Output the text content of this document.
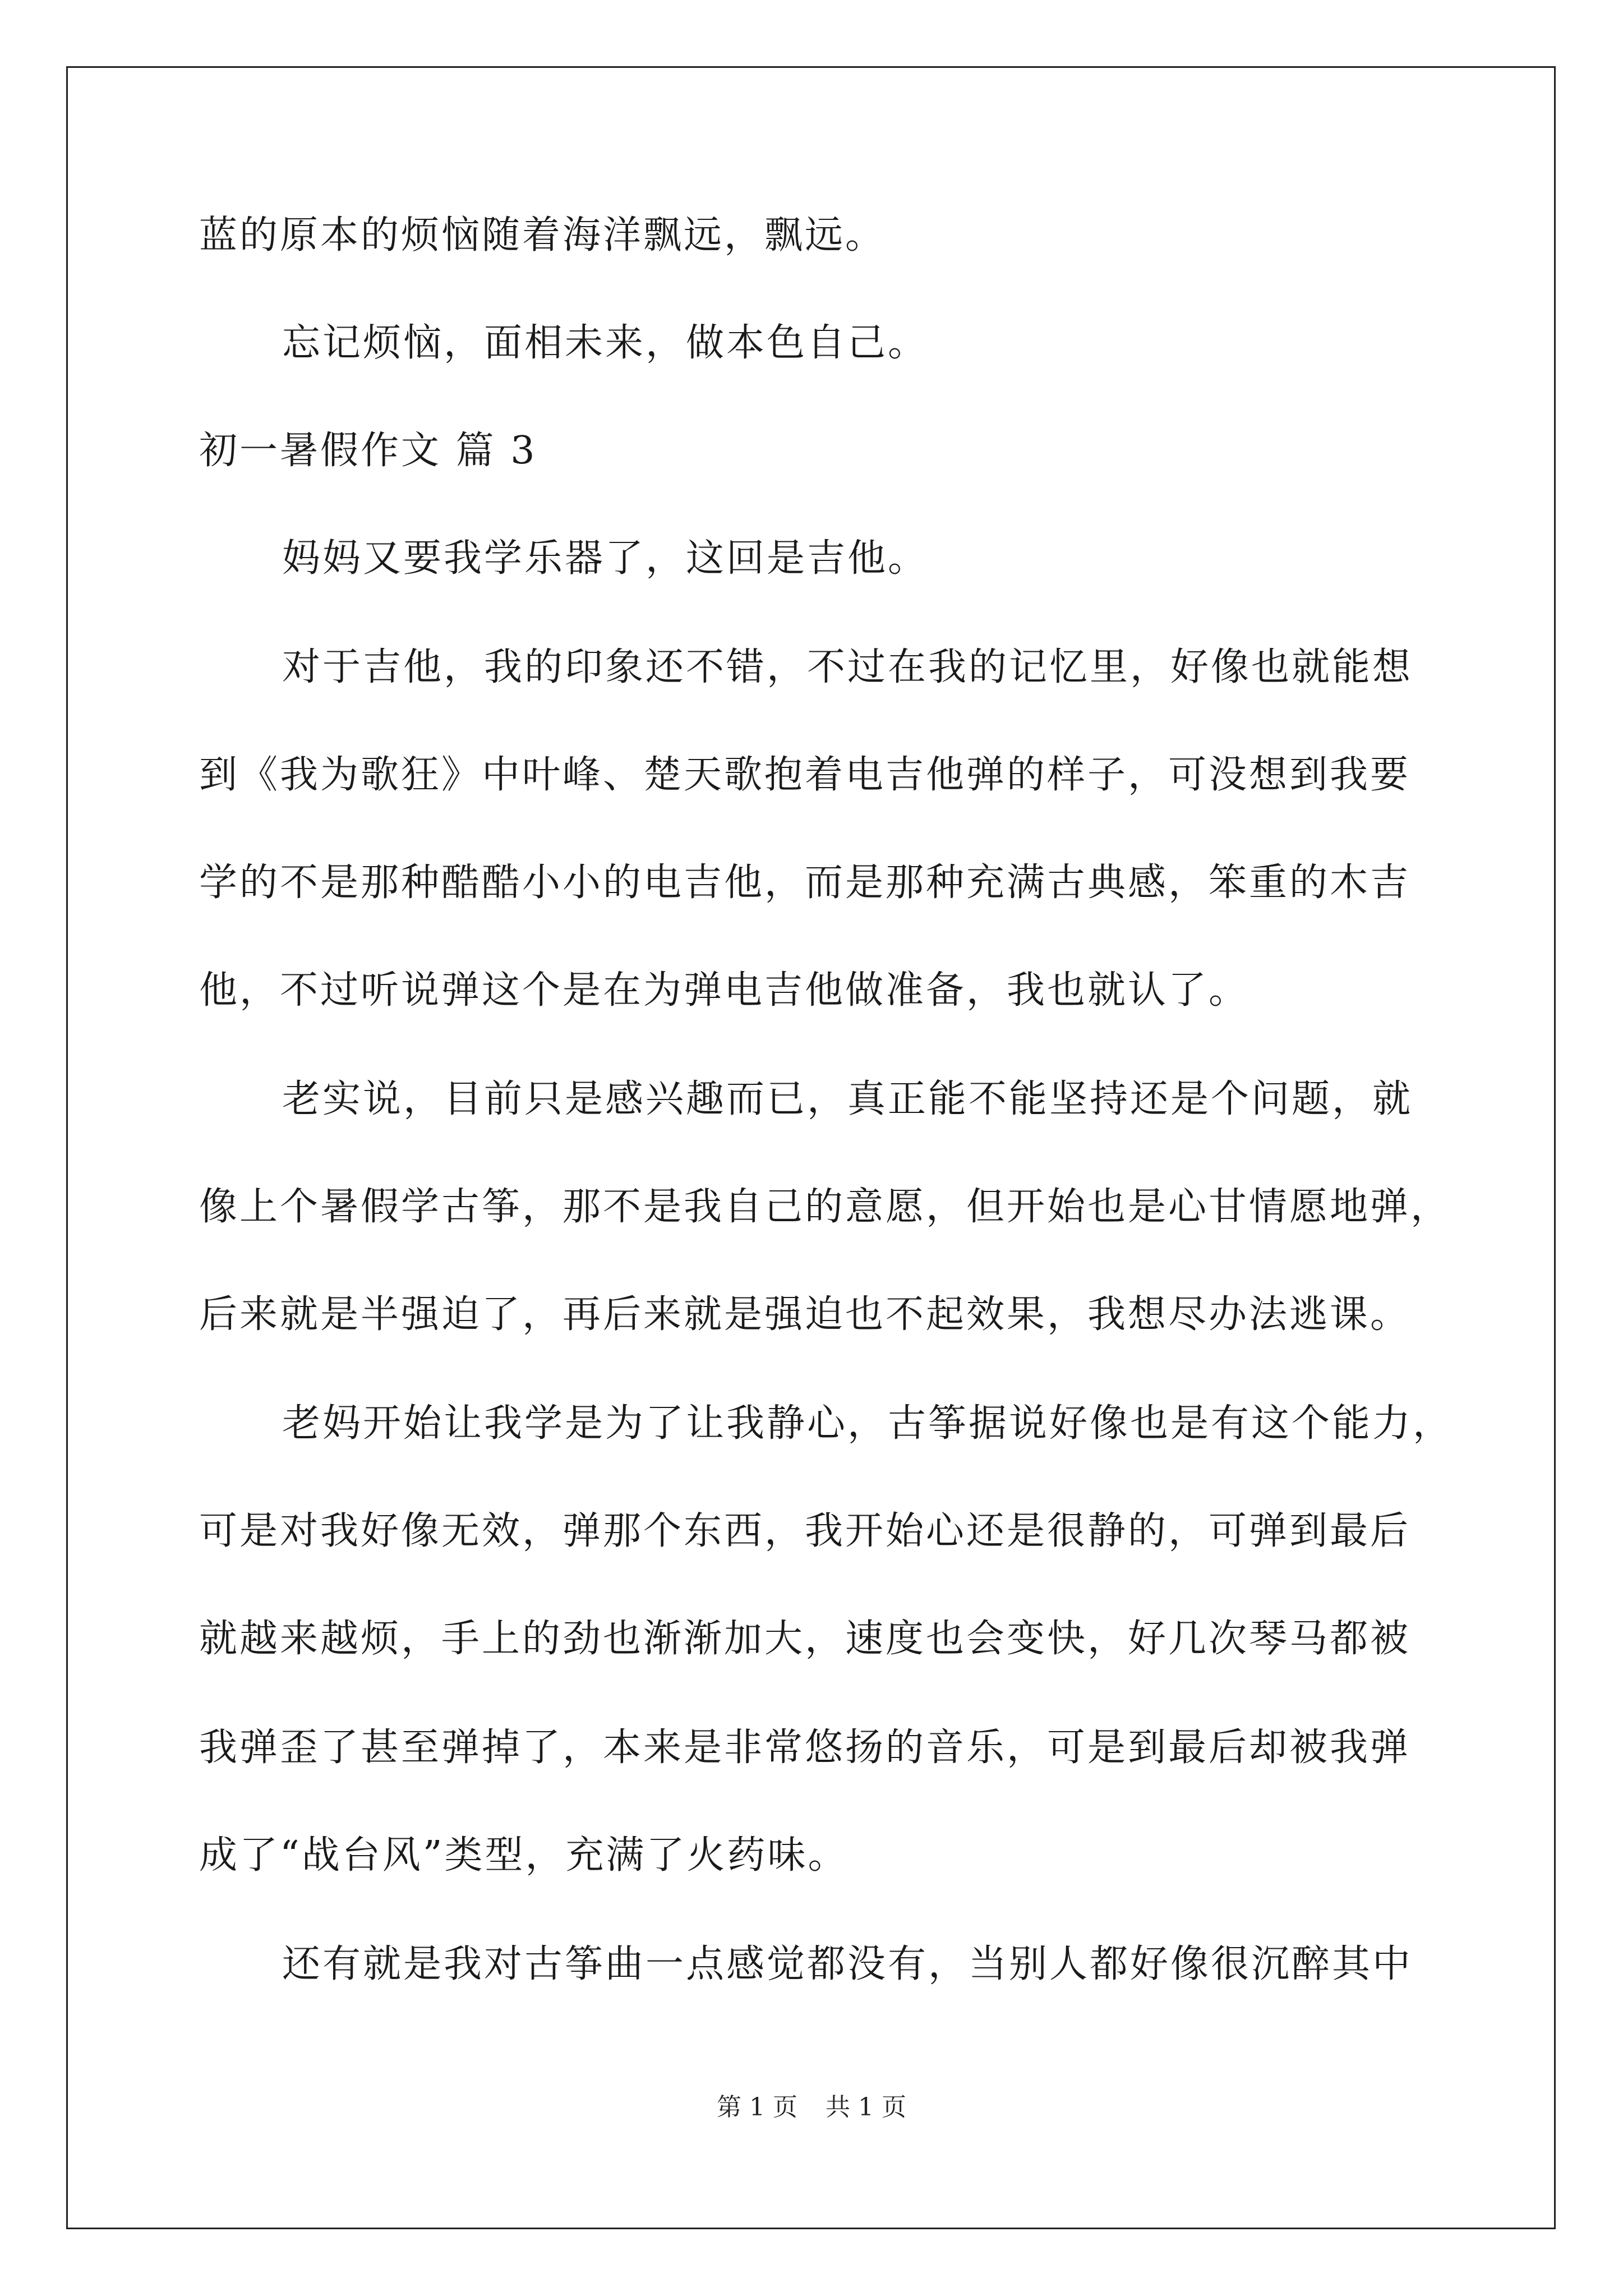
蓝的原本的烦恼随着海洋飘远，飘远。
忘记烦恼，面相未来，做本色自己。
初一暑假作文 篇 3
妈妈又要我学乐器了，这回是吉他。
对于吉他，我的印象还不错，不过在我的记忆里，好像也就能想
到《我为歌狂》中叶峰、楚天歌抱着电吉他弹的样子，可没想到我要
学的不是那种酷酷小小的电吉他，而是那种充满古典感，笨重的木吉
他，不过听说弹这个是在为弹电吉他做准备，我也就认了。
老实说，目前只是感兴趣而已，真正能不能坚持还是个问题，就
像上个暑假学古筝，那不是我自己的意愿，但开始也是心甘情愿地弹，
后来就是半强迫了，再后来就是强迫也不起效果，我想尽办法逃课。
老妈开始让我学是为了让我静心，古筝据说好像也是有这个能力，
可是对我好像无效，弹那个东西，我开始心还是很静的，可弹到最后
就越来越烦，手上的劲也渐渐加大，速度也会变快，好几次琴马都被
我弹歪了甚至弹掉了，本来是非常悠扬的音乐，可是到最后却被我弹
成了“战台风”类型，充满了火药味。
还有就是我对古筝曲一点感觉都没有，当别人都好像很沉醉其中
第 1 页 共 1 页
